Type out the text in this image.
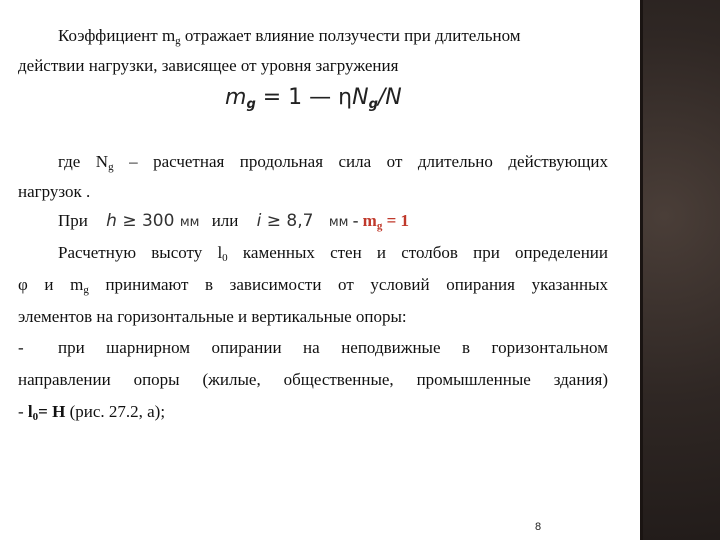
Коэффициент $m_g$ отражает влияние ползучести при длительном
действии нагрузки, зависящее от уровня загружения
$m_g = 1$ — $\eta N_g/N$
где $N_g$ – расчетная продольная сила от длительно действующих
нагрузок .
При h ≥ 300 мм или i ≥ 8,7 мм - $m_g = 1$
Расчетную высоту $l_0$ каменных стен и столбов при определении
φ и $m_g$ принимают в зависимости от условий опирания указанных
элементов на горизонтальные и вертикальные опоры:
- при шарнирном опирании на неподвижные в горизонтальном
направлении опоры (жилые, общественные, промышленные здания)
- $l_0= H$ (рис. 27.2, а);
8
